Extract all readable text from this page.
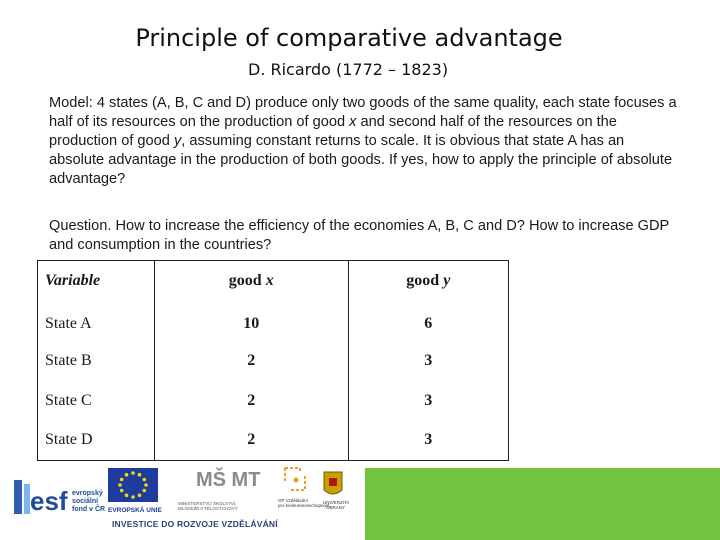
Principle of comparative advantage
D. Ricardo (1772 – 1823)

Model: 4 states (A, B, C and D) produce only two goods of the same quality, each state focuses a half of its resources on the production of good x and second half of the resources on the production of good y, assuming constant returns to scale. It is obvious that state A has an absolute advantage in the production of both goods. If yes, how to apply the principle of absolute advantage?

Question. How to increase the efficiency of the economies A, B, C and D? How to increase GDP and consumption in the countries?

Variable	good x	good y
State A	10	6
State B	2	3
State C	2	3
State D	2	3
esf evropský sociální fond v ČR EVROPSKÁ UNIE
MŠ MT
MINISTERSTVO ŠKOLSTVÍ, MLÁDEŽE A TĚLOVÝCHOVY
OP Vzdělávání pro konkurenceschopnost
UNIVERZITA OBRANY
INVESTICE DO ROZVOJE VZDĚLÁVÁNÍ
